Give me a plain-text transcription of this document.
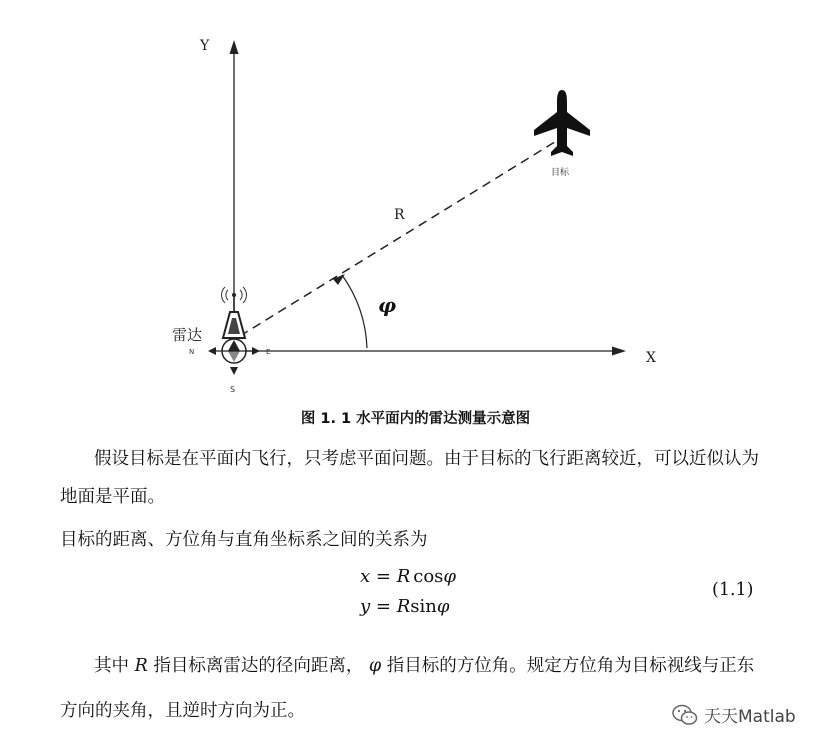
Y
X
R
φ
目标
雷达
N	E
S
图 1. 1 水平面内的雷达测量示意图
假设目标是在平面内飞行，只考虑平面问题。由于目标的飞行距离较近，可以近似认为地面是平面。
目标的距离、方位角与直角坐标系之间的关系为
x = R cosφ
y = Rsinφ
(1.1)
其中 R 指目标离雷达的径向距离， φ 指目标的方位角。规定方位角为目标视线与正东方向的夹角，且逆时方向为正。	天天Matlab
